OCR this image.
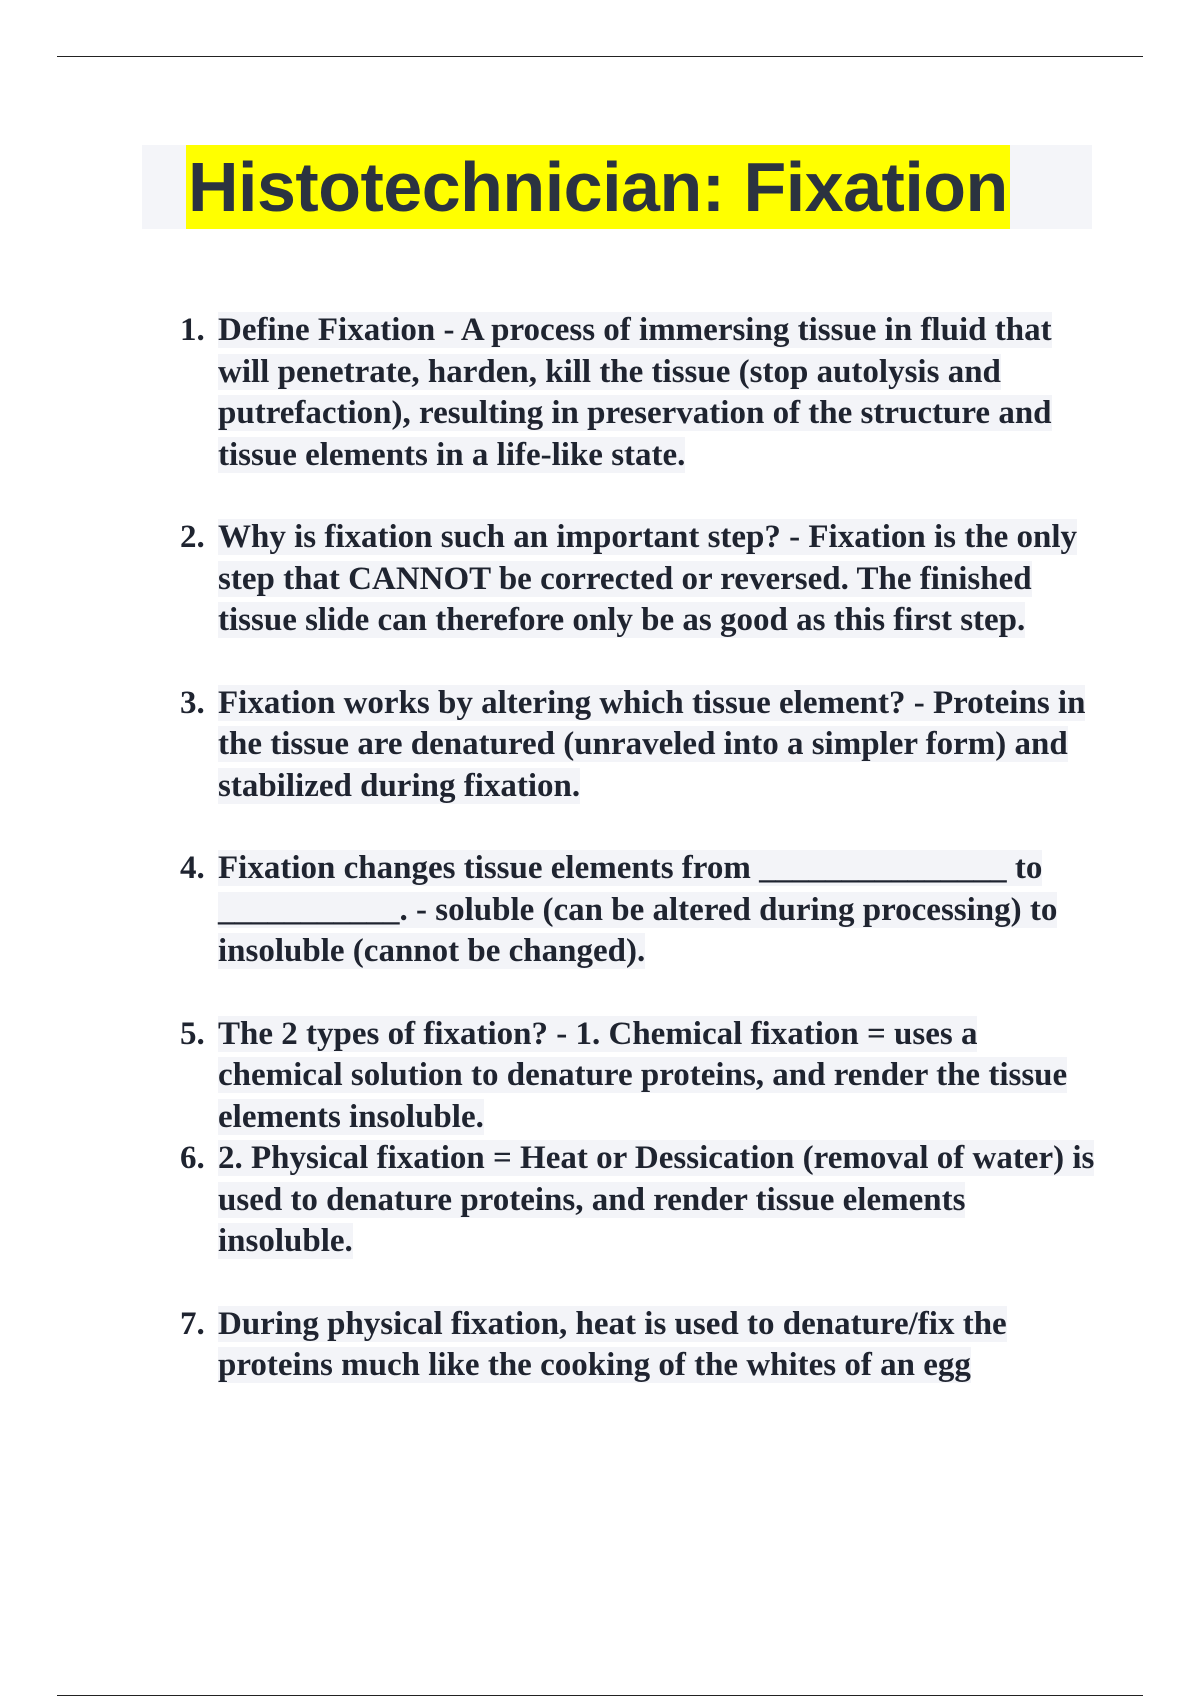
Histotechnician: Fixation
1. Define Fixation - A process of immersing tissue in fluid that will penetrate, harden, kill the tissue (stop autolysis and putrefaction), resulting in preservation of the structure and tissue elements in a life-like state.
2. Why is fixation such an important step? - Fixation is the only step that CANNOT be corrected or reversed. The finished tissue slide can therefore only be as good as this first step.
3. Fixation works by altering which tissue element? - Proteins in the tissue are denatured (unraveled into a simpler form) and stabilized during fixation.
4. Fixation changes tissue elements from _______________ to ___________. - soluble (can be altered during processing) to insoluble (cannot be changed).
5. The 2 types of fixation? - 1. Chemical fixation = uses a chemical solution to denature proteins, and render the tissue elements insoluble.
6. 2. Physical fixation = Heat or Dessication (removal of water) is used to denature proteins, and render tissue elements insoluble.
7. During physical fixation, heat is used to denature/fix the proteins much like the cooking of the whites of an egg
